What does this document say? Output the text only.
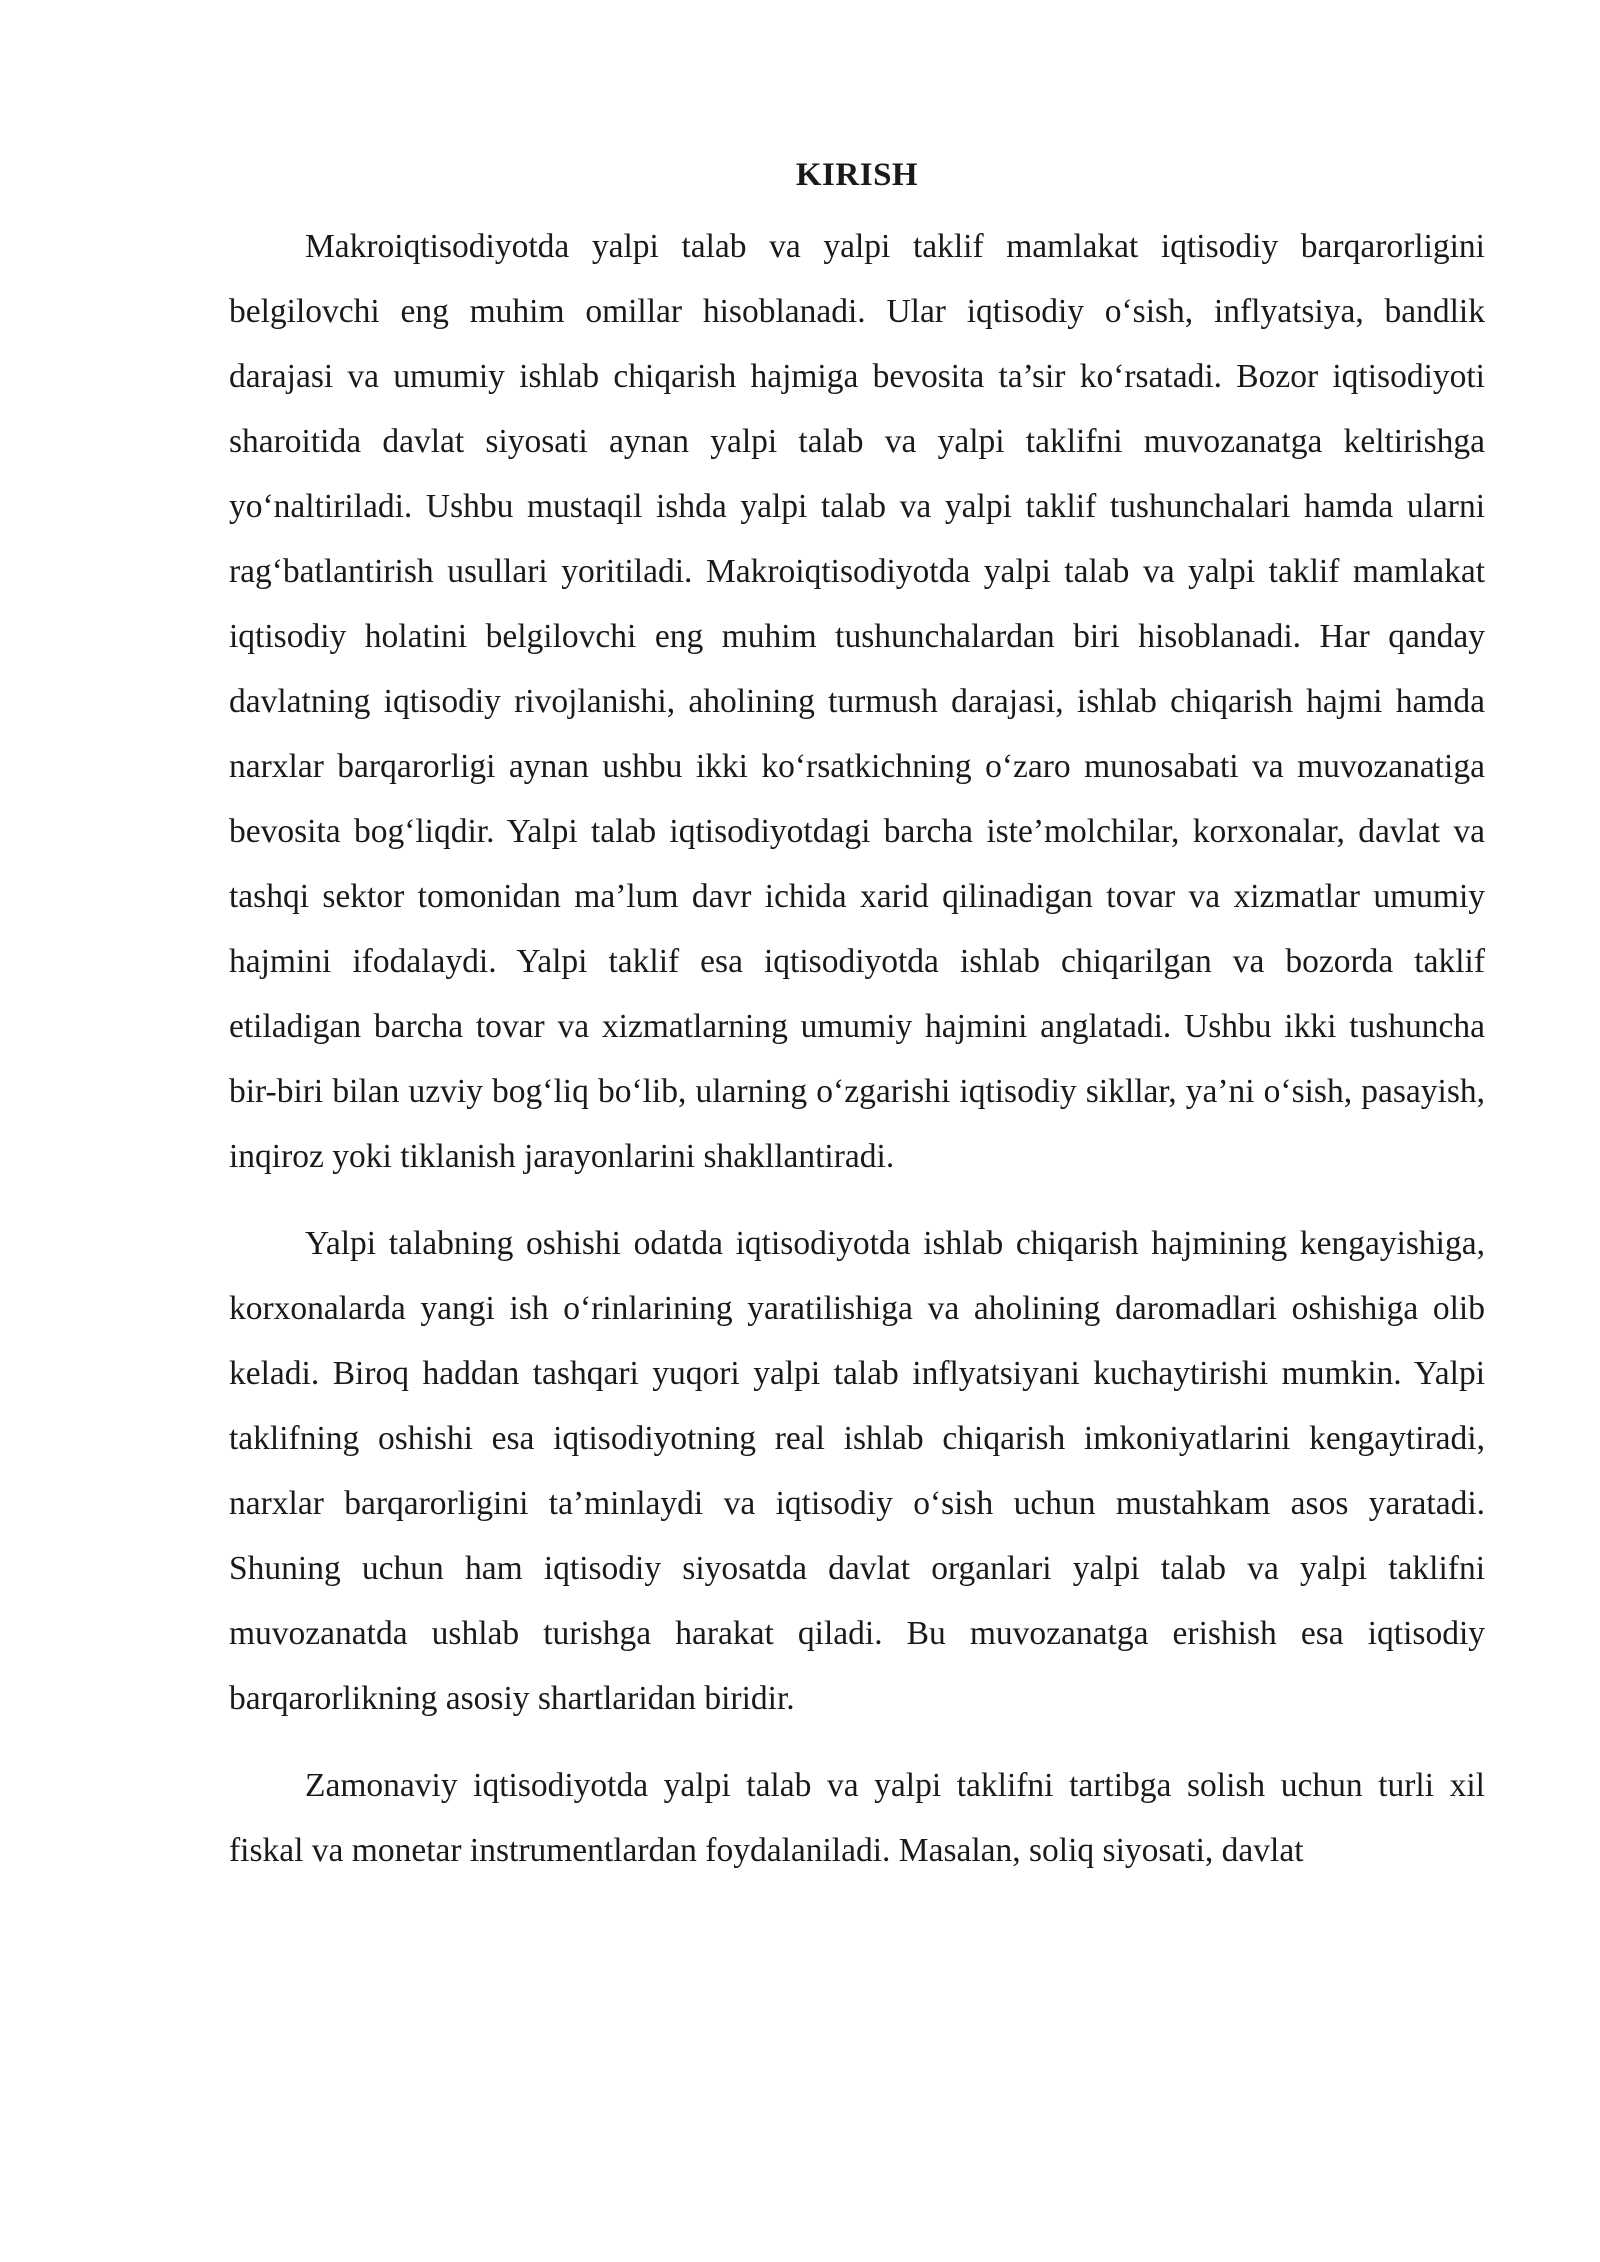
KIRISH

Makroiqtisodiyotda yalpi talab va yalpi taklif mamlakat iqtisodiy barqarorligini belgilovchi eng muhim omillar hisoblanadi. Ular iqtisodiy o‘sish, inflyatsiya, bandlik darajasi va umumiy ishlab chiqarish hajmiga bevosita ta’sir ko‘rsatadi. Bozor iqtisodiyoti sharoitida davlat siyosati aynan yalpi talab va yalpi taklifni muvozanatga keltirishga yo‘naltiriladi. Ushbu mustaqil ishda yalpi talab va yalpi taklif tushunchalari hamda ularni rag‘batlantirish usullari yoritiladi. Makroiqtisodiyotda yalpi talab va yalpi taklif mamlakat iqtisodiy holatini belgilovchi eng muhim tushunchalardan biri hisoblanadi. Har qanday davlatning iqtisodiy rivojlanishi, aholining turmush darajasi, ishlab chiqarish hajmi hamda narxlar barqarorligi aynan ushbu ikki ko‘rsatkichning o‘zaro munosabati va muvozanatiga bevosita bog‘liqdir. Yalpi talab iqtisodiyotdagi barcha iste’molchilar, korxonalar, davlat va tashqi sektor tomonidan ma’lum davr ichida xarid qilinadigan tovar va xizmatlar umumiy hajmini ifodalaydi. Yalpi taklif esa iqtisodiyotda ishlab chiqarilgan va bozorda taklif etiladigan barcha tovar va xizmatlarning umumiy hajmini anglatadi. Ushbu ikki tushuncha bir-biri bilan uzviy bog‘liq bo‘lib, ularning o‘zgarishi iqtisodiy sikllar, ya’ni o‘sish, pasayish, inqiroz yoki tiklanish jarayonlarini shakllantiradi.

Yalpi talabning oshishi odatda iqtisodiyotda ishlab chiqarish hajmining kengayishiga, korxonalarda yangi ish o‘rinlarining yaratilishiga va aholining daromadlari oshishiga olib keladi. Biroq haddan tashqari yuqori yalpi talab inflyatsiyani kuchaytirishi mumkin. Yalpi taklifning oshishi esa iqtisodiyotning real ishlab chiqarish imkoniyatlarini kengaytiradi, narxlar barqarorligini ta’minlaydi va iqtisodiy o‘sish uchun mustahkam asos yaratadi. Shuning uchun ham iqtisodiy siyosatda davlat organlari yalpi talab va yalpi taklifni muvozanatda ushlab turishga harakat qiladi. Bu muvozanatga erishish esa iqtisodiy barqarorlikning asosiy shartlaridan biridir.

Zamonaviy iqtisodiyotda yalpi talab va yalpi taklifni tartibga solish uchun turli xil fiskal va monetar instrumentlardan foydalaniladi. Masalan, soliq siyosati, davlat
